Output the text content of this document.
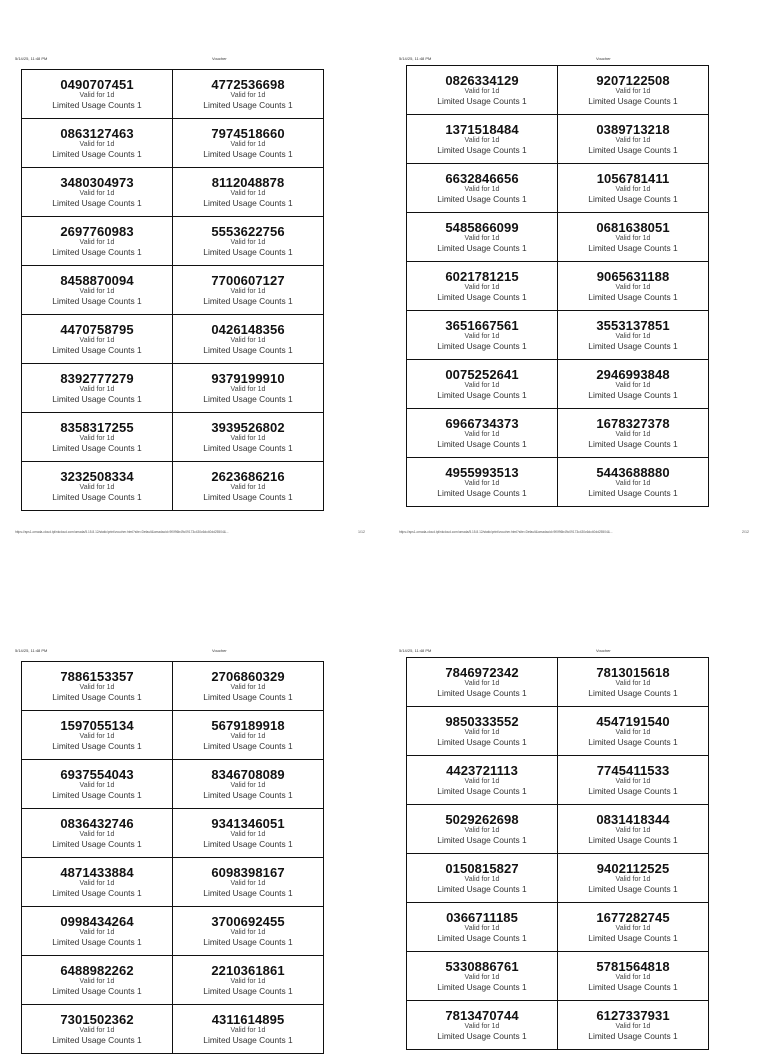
5/14/25, 11:48 PM	Voucher
0490707451
Valid for 1d
Limited Usage Counts 1	4772536698
Valid for 1d
Limited Usage Counts 1

0863127463
Valid for 1d
Limited Usage Counts 1	7974518660
Valid for 1d
Limited Usage Counts 1

3480304973
Valid for 1d
Limited Usage Counts 1	8112048878
Valid for 1d
Limited Usage Counts 1

2697760983
Valid for 1d
Limited Usage Counts 1	5553622756
Valid for 1d
Limited Usage Counts 1

8458870094
Valid for 1d
Limited Usage Counts 1	7700607127
Valid for 1d
Limited Usage Counts 1

4470758795
Valid for 1d
Limited Usage Counts 1	0426148356
Valid for 1d
Limited Usage Counts 1

8392777279
Valid for 1d
Limited Usage Counts 1	9379199910
Valid for 1d
Limited Usage Counts 1

8358317255
Valid for 1d
Limited Usage Counts 1	3939526802
Valid for 1d
Limited Usage Counts 1

3232508334
Valid for 1d
Limited Usage Counts 1	2623686216
Valid for 1d
Limited Usage Counts 1
https://aps1-omada-cloud.tplinkcloud.com/omada/5.15.8.12/static/print/voucher.html?site=Default&omadacid=9f0f96b49c09173c430c6dc40dd25504&...	1/12
5/14/25, 11:48 PM	Voucher
0826334129
Valid for 1d
Limited Usage Counts 1	9207122508
Valid for 1d
Limited Usage Counts 1

1371518484
Valid for 1d
Limited Usage Counts 1	0389713218
Valid for 1d
Limited Usage Counts 1

6632846656
Valid for 1d
Limited Usage Counts 1	1056781411
Valid for 1d
Limited Usage Counts 1

5485866099
Valid for 1d
Limited Usage Counts 1	0681638051
Valid for 1d
Limited Usage Counts 1

6021781215
Valid for 1d
Limited Usage Counts 1	9065631188
Valid for 1d
Limited Usage Counts 1

3651667561
Valid for 1d
Limited Usage Counts 1	3553137851
Valid for 1d
Limited Usage Counts 1

0075252641
Valid for 1d
Limited Usage Counts 1	2946993848
Valid for 1d
Limited Usage Counts 1

6966734373
Valid for 1d
Limited Usage Counts 1	1678327378
Valid for 1d
Limited Usage Counts 1

4955993513
Valid for 1d
Limited Usage Counts 1	5443688880
Valid for 1d
Limited Usage Counts 1
https://aps1-omada-cloud.tplinkcloud.com/omada/5.15.8.12/static/print/voucher.html?site=Default&omadacid=9f0f96b49c09173c430c6dc40dd25504&...	2/12
5/14/25, 11:48 PM	Voucher
7886153357
Valid for 1d
Limited Usage Counts 1	2706860329
Valid for 1d
Limited Usage Counts 1

1597055134
Valid for 1d
Limited Usage Counts 1	5679189918
Valid for 1d
Limited Usage Counts 1

6937554043
Valid for 1d
Limited Usage Counts 1	8346708089
Valid for 1d
Limited Usage Counts 1

0836432746
Valid for 1d
Limited Usage Counts 1	9341346051
Valid for 1d
Limited Usage Counts 1

4871433884
Valid for 1d
Limited Usage Counts 1	6098398167
Valid for 1d
Limited Usage Counts 1

0998434264
Valid for 1d
Limited Usage Counts 1	3700692455
Valid for 1d
Limited Usage Counts 1

6488982262
Valid for 1d
Limited Usage Counts 1	2210361861
Valid for 1d
Limited Usage Counts 1

7301502362
Valid for 1d
Limited Usage Counts 1	4311614895
Valid for 1d
Limited Usage Counts 1
5/14/25, 11:48 PM	Voucher
7846972342
Valid for 1d
Limited Usage Counts 1	7813015618
Valid for 1d
Limited Usage Counts 1

9850333552
Valid for 1d
Limited Usage Counts 1	4547191540
Valid for 1d
Limited Usage Counts 1

4423721113
Valid for 1d
Limited Usage Counts 1	7745411533
Valid for 1d
Limited Usage Counts 1

5029262698
Valid for 1d
Limited Usage Counts 1	0831418344
Valid for 1d
Limited Usage Counts 1

0150815827
Valid for 1d
Limited Usage Counts 1	9402112525
Valid for 1d
Limited Usage Counts 1

0366711185
Valid for 1d
Limited Usage Counts 1	1677282745
Valid for 1d
Limited Usage Counts 1

5330886761
Valid for 1d
Limited Usage Counts 1	5781564818
Valid for 1d
Limited Usage Counts 1

7813470744
Valid for 1d
Limited Usage Counts 1	6127337931
Valid for 1d
Limited Usage Counts 1
